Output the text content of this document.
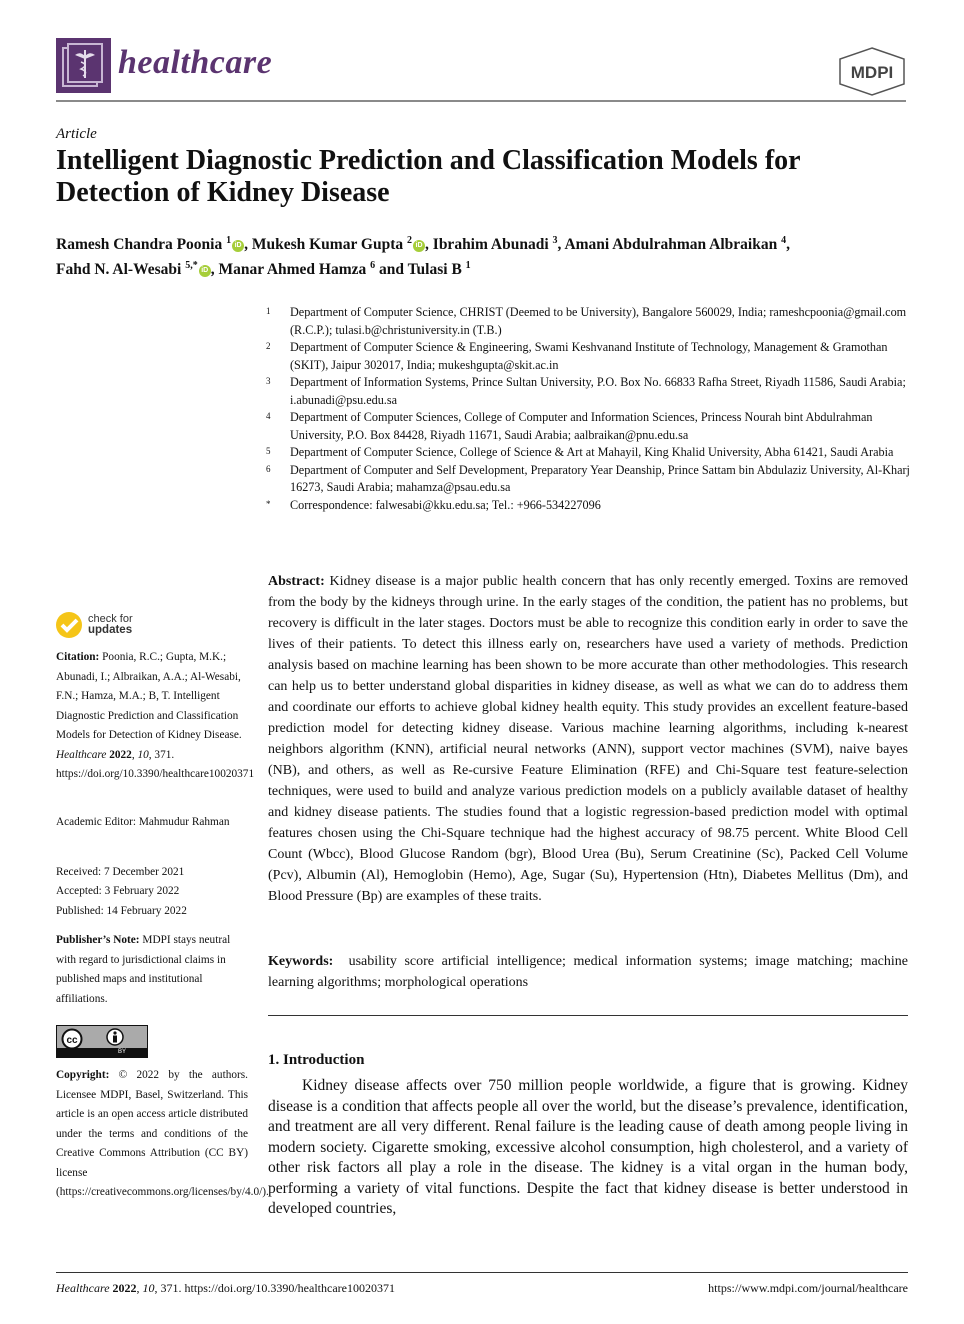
healthcare	MDPI
Article
Intelligent Diagnostic Prediction and Classification Models for Detection of Kidney Disease
Ramesh Chandra Poonia $^1$ iD , Mukesh Kumar Gupta $^2$ iD , Ibrahim Abunadi $^3$, Amani Abdulrahman Albraikan $^4$,
Fahd N. Al-Wesabi $^{5,*}$ iD , Manar Ahmed Hamza $^6$ and Tulasi B $^1$
1	Department of Computer Science, CHRIST (Deemed to be University), Bangalore 560029, India; rameshcpoonia@gmail.com (R.C.P.); tulasi.b@christuniversity.in (T.B.)
2	Department of Computer Science & Engineering, Swami Keshvanand Institute of Technology, Management & Gramothan (SKIT), Jaipur 302017, India; mukeshgupta@skit.ac.in
3	Department of Information Systems, Prince Sultan University, P.O. Box No. 66833 Rafha Street, Riyadh 11586, Saudi Arabia; i.abunadi@psu.edu.sa
4	Department of Computer Sciences, College of Computer and Information Sciences, Princess Nourah bint Abdulrahman University, P.O. Box 84428, Riyadh 11671, Saudi Arabia; aalbraikan@pnu.edu.sa
5	Department of Computer Science, College of Science & Art at Mahayil, King Khalid University, Abha 61421, Saudi Arabia
6	Department of Computer and Self Development, Preparatory Year Deanship, Prince Sattam bin Abdulaziz University, Al-Kharj 16273, Saudi Arabia; mahamza@psau.edu.sa
*	Correspondence: falwesabi@kku.edu.sa; Tel.: +966-534227096
check for
updates
Citation: Poonia, R.C.; Gupta, M.K.; Abunadi, I.; Albraikan, A.A.; Al-Wesabi, F.N.; Hamza, M.A.; B, T. Intelligent Diagnostic Prediction and Classification Models for Detection of Kidney Disease. Healthcare 2022, 10, 371. https://doi.org/10.3390/healthcare10020371
Academic Editor: Mahmudur Rahman
Received: 7 December 2021
Accepted: 3 February 2022
Published: 14 February 2022
Publisher’s Note: MDPI stays neutral with regard to jurisdictional claims in published maps and institutional affiliations.
cc
BY
Copyright: © 2022 by the authors. Licensee MDPI, Basel, Switzerland. This article is an open access article distributed under the terms and conditions of the Creative Commons Attribution (CC BY) license (https://creativecommons.org/licenses/by/4.0/).
Abstract: Kidney disease is a major public health concern that has only recently emerged. Toxins are removed from the body by the kidneys through urine. In the early stages of the condition, the patient has no problems, but recovery is difficult in the later stages. Doctors must be able to recognize this condition early in order to save the lives of their patients. To detect this illness early on, researchers have used a variety of methods. Prediction analysis based on machine learning has been shown to be more accurate than other methodologies. This research can help us to better understand global disparities in kidney disease, as well as what we can do to address them and coordinate our efforts to achieve global kidney health equity. This study provides an excellent feature-based prediction model for detecting kidney disease. Various machine learning algorithms, including k-nearest neighbors algorithm (KNN), artificial neural networks (ANN), support vector machines (SVM), naive bayes (NB), and others, as well as Re-cursive Feature Elimination (RFE) and Chi-Square test feature-selection techniques, were used to build and analyze various prediction models on a publicly available dataset of healthy and kidney disease patients. The studies found that a logistic regression-based prediction model with optimal features chosen using the Chi-Square technique had the highest accuracy of 98.75 percent. White Blood Cell Count (Wbcc), Blood Glucose Random (bgr), Blood Urea (Bu), Serum Creatinine (Sc), Packed Cell Volume (Pcv), Albumin (Al), Hemoglobin (Hemo), Age, Sugar (Su), Hypertension (Htn), Diabetes Mellitus (Dm), and Blood Pressure (Bp) are examples of these traits.
Keywords: usability score artificial intelligence; medical information systems; image matching; machine learning algorithms; morphological operations
1. Introduction
Kidney disease affects over 750 million people worldwide, a figure that is growing. Kidney disease is a condition that affects people all over the world, but the disease’s prevalence, identification, and treatment are all very different. Renal failure is the leading cause of death among people living in modern society. Cigarette smoking, excessive alcohol consumption, high cholesterol, and a variety of other risk factors all play a role in the disease. The kidney is a vital organ in the human body, performing a variety of vital functions. Despite the fact that kidney disease is better understood in developed countries,
Healthcare 2022, 10, 371. https://doi.org/10.3390/healthcare10020371	https://www.mdpi.com/journal/healthcare
